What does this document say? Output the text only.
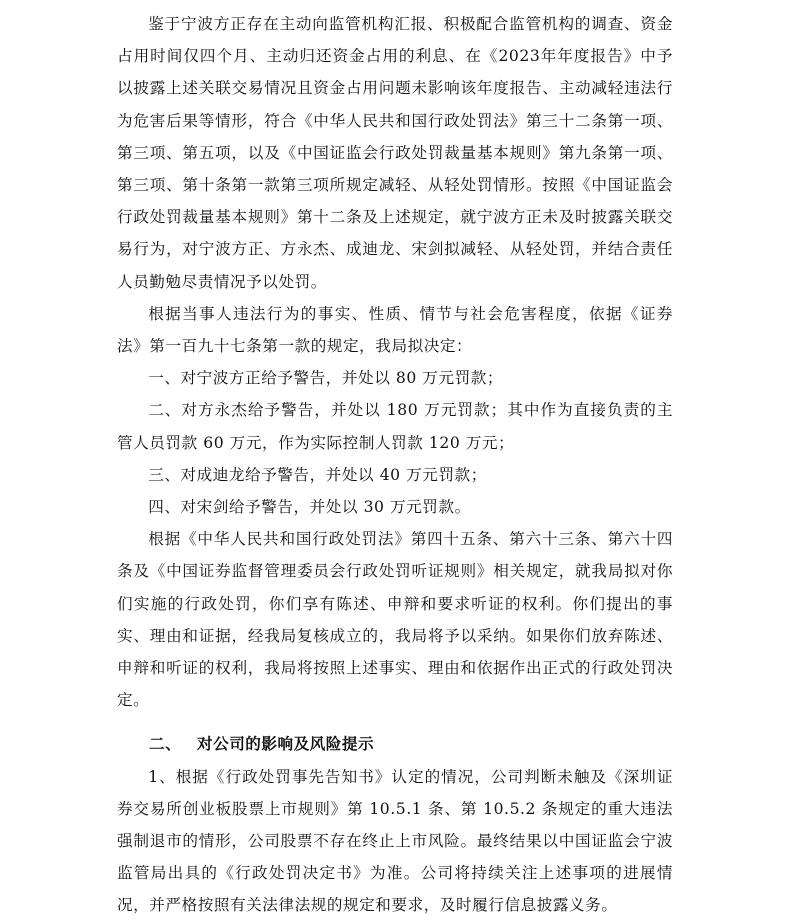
鉴于宁波方正存在主动向监管机构汇报、积极配合监管机构的调查、资金占用时间仅四个月、主动归还资金占用的利息、在《2023年年度报告》中予以披露上述关联交易情况且资金占用问题未影响该年度报告、主动减轻违法行为危害后果等情形，符合《中华人民共和国行政处罚法》第三十二条第一项、第三项、第五项，以及《中国证监会行政处罚裁量基本规则》第九条第一项、第三项、第十条第一款第三项所规定减轻、从轻处罚情形。按照《中国证监会行政处罚裁量基本规则》第十二条及上述规定，就宁波方正未及时披露关联交易行为，对宁波方正、方永杰、成迪龙、宋剑拟减轻、从轻处罚，并结合责任人员勤勉尽责情况予以处罚。

根据当事人违法行为的事实、性质、情节与社会危害程度，依据《证券法》第一百九十七条第一款的规定，我局拟决定：

一、对宁波方正给予警告，并处以 80 万元罚款；

二、对方永杰给予警告，并处以 180 万元罚款；其中作为直接负责的主管人员罚款 60 万元，作为实际控制人罚款 120 万元；

三、对成迪龙给予警告，并处以 40 万元罚款；

四、对宋剑给予警告，并处以 30 万元罚款。

根据《中华人民共和国行政处罚法》第四十五条、第六十三条、第六十四条及《中国证券监督管理委员会行政处罚听证规则》相关规定，就我局拟对你们实施的行政处罚，你们享有陈述、申辩和要求听证的权利。你们提出的事实、理由和证据，经我局复核成立的，我局将予以采纳。如果你们放弃陈述、申辩和听证的权利，我局将按照上述事实、理由和依据作出正式的行政处罚决定。

二、	对公司的影响及风险提示

1、根据《行政处罚事先告知书》认定的情况，公司判断未触及《深圳证券交易所创业板股票上市规则》第 10.5.1 条、第 10.5.2 条规定的重大违法强制退市的情形，公司股票不存在终止上市风险。最终结果以中国证监会宁波监管局出具的《行政处罚决定书》为准。公司将持续关注上述事项的进展情况，并严格按照有关法律法规的规定和要求，及时履行信息披露义务。
